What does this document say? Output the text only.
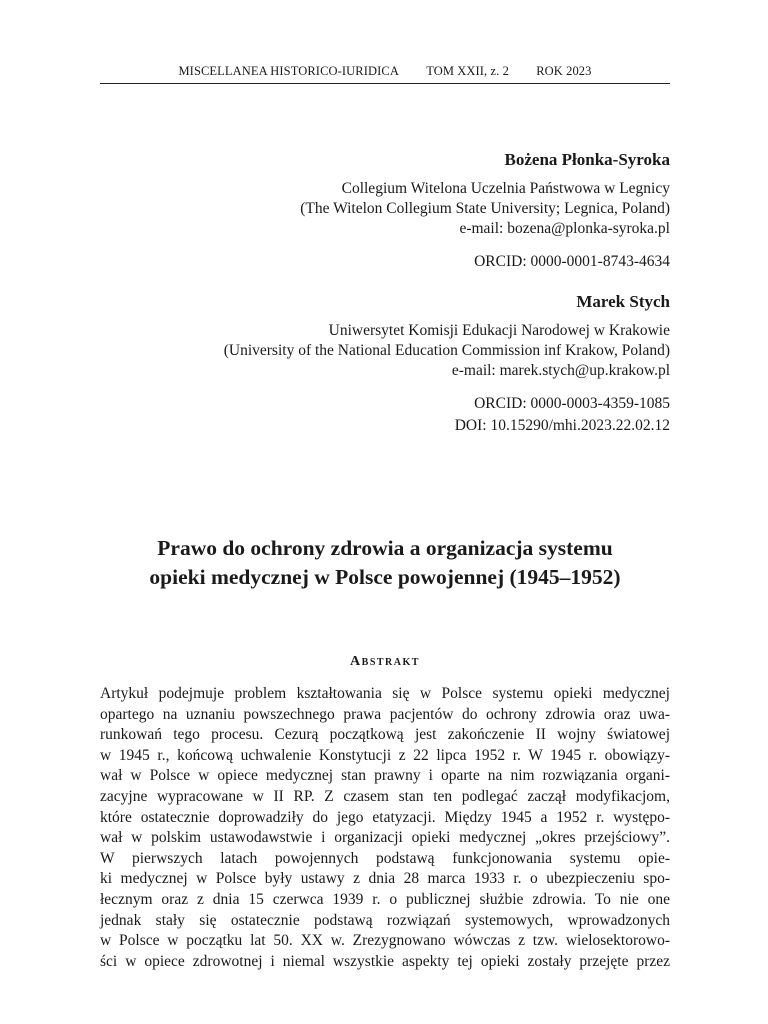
MISCELLANEA HISTORICO-IURIDICA TOM XXII, z. 2 ROK 2023
Bożena Płonka-Syroka
Collegium Witelona Uczelnia Państwowa w Legnicy
(The Witelon Collegium State University; Legnica, Poland)
e-mail: bozena@plonka-syroka.pl
ORCID: 0000-0001-8743-4634
Marek Stych
Uniwersytet Komisji Edukacji Narodowej w Krakowie
(University of the National Education Commission inf Krakow, Poland)
e-mail: marek.stych@up.krakow.pl
ORCID: 0000-0003-4359-1085
DOI: 10.15290/mhi.2023.22.02.12
Prawo do ochrony zdrowia a organizacja systemu
opieki medycznej w Polsce powojennej (1945–1952)
Abstrakt
Artykuł podejmuje problem kształtowania się w Polsce systemu opieki medycznej
opartego na uznaniu powszechnego prawa pacjentów do ochrony zdrowia oraz uwa-
runkowań tego procesu. Cezurą początkową jest zakończenie II wojny światowej
w 1945 r., końcową uchwalenie Konstytucji z 22 lipca 1952 r. W 1945 r. obowiązy-
wał w Polsce w opiece medycznej stan prawny i oparte na nim rozwiązania organi-
zacyjne wypracowane w II RP. Z czasem stan ten podlegać zaczął modyfikacjom,
które ostatecznie doprowadziły do jego etatyzacji. Między 1945 a 1952 r. występo-
wał w polskim ustawodawstwie i organizacji opieki medycznej „okres przejściowy”.
W pierwszych latach powojennych podstawą funkcjonowania systemu opie-
ki medycznej w Polsce były ustawy z dnia 28 marca 1933 r. o ubezpieczeniu spo-
łecznym oraz z dnia 15 czerwca 1939 r. o publicznej służbie zdrowia. To nie one
jednak stały się ostatecznie podstawą rozwiązań systemowych, wprowadzonych
w Polsce w początku lat 50. XX w. Zrezygnowano wówczas z tzw. wielosektorowo-
ści w opiece zdrowotnej i niemal wszystkie aspekty tej opieki zostały przejęte przez
